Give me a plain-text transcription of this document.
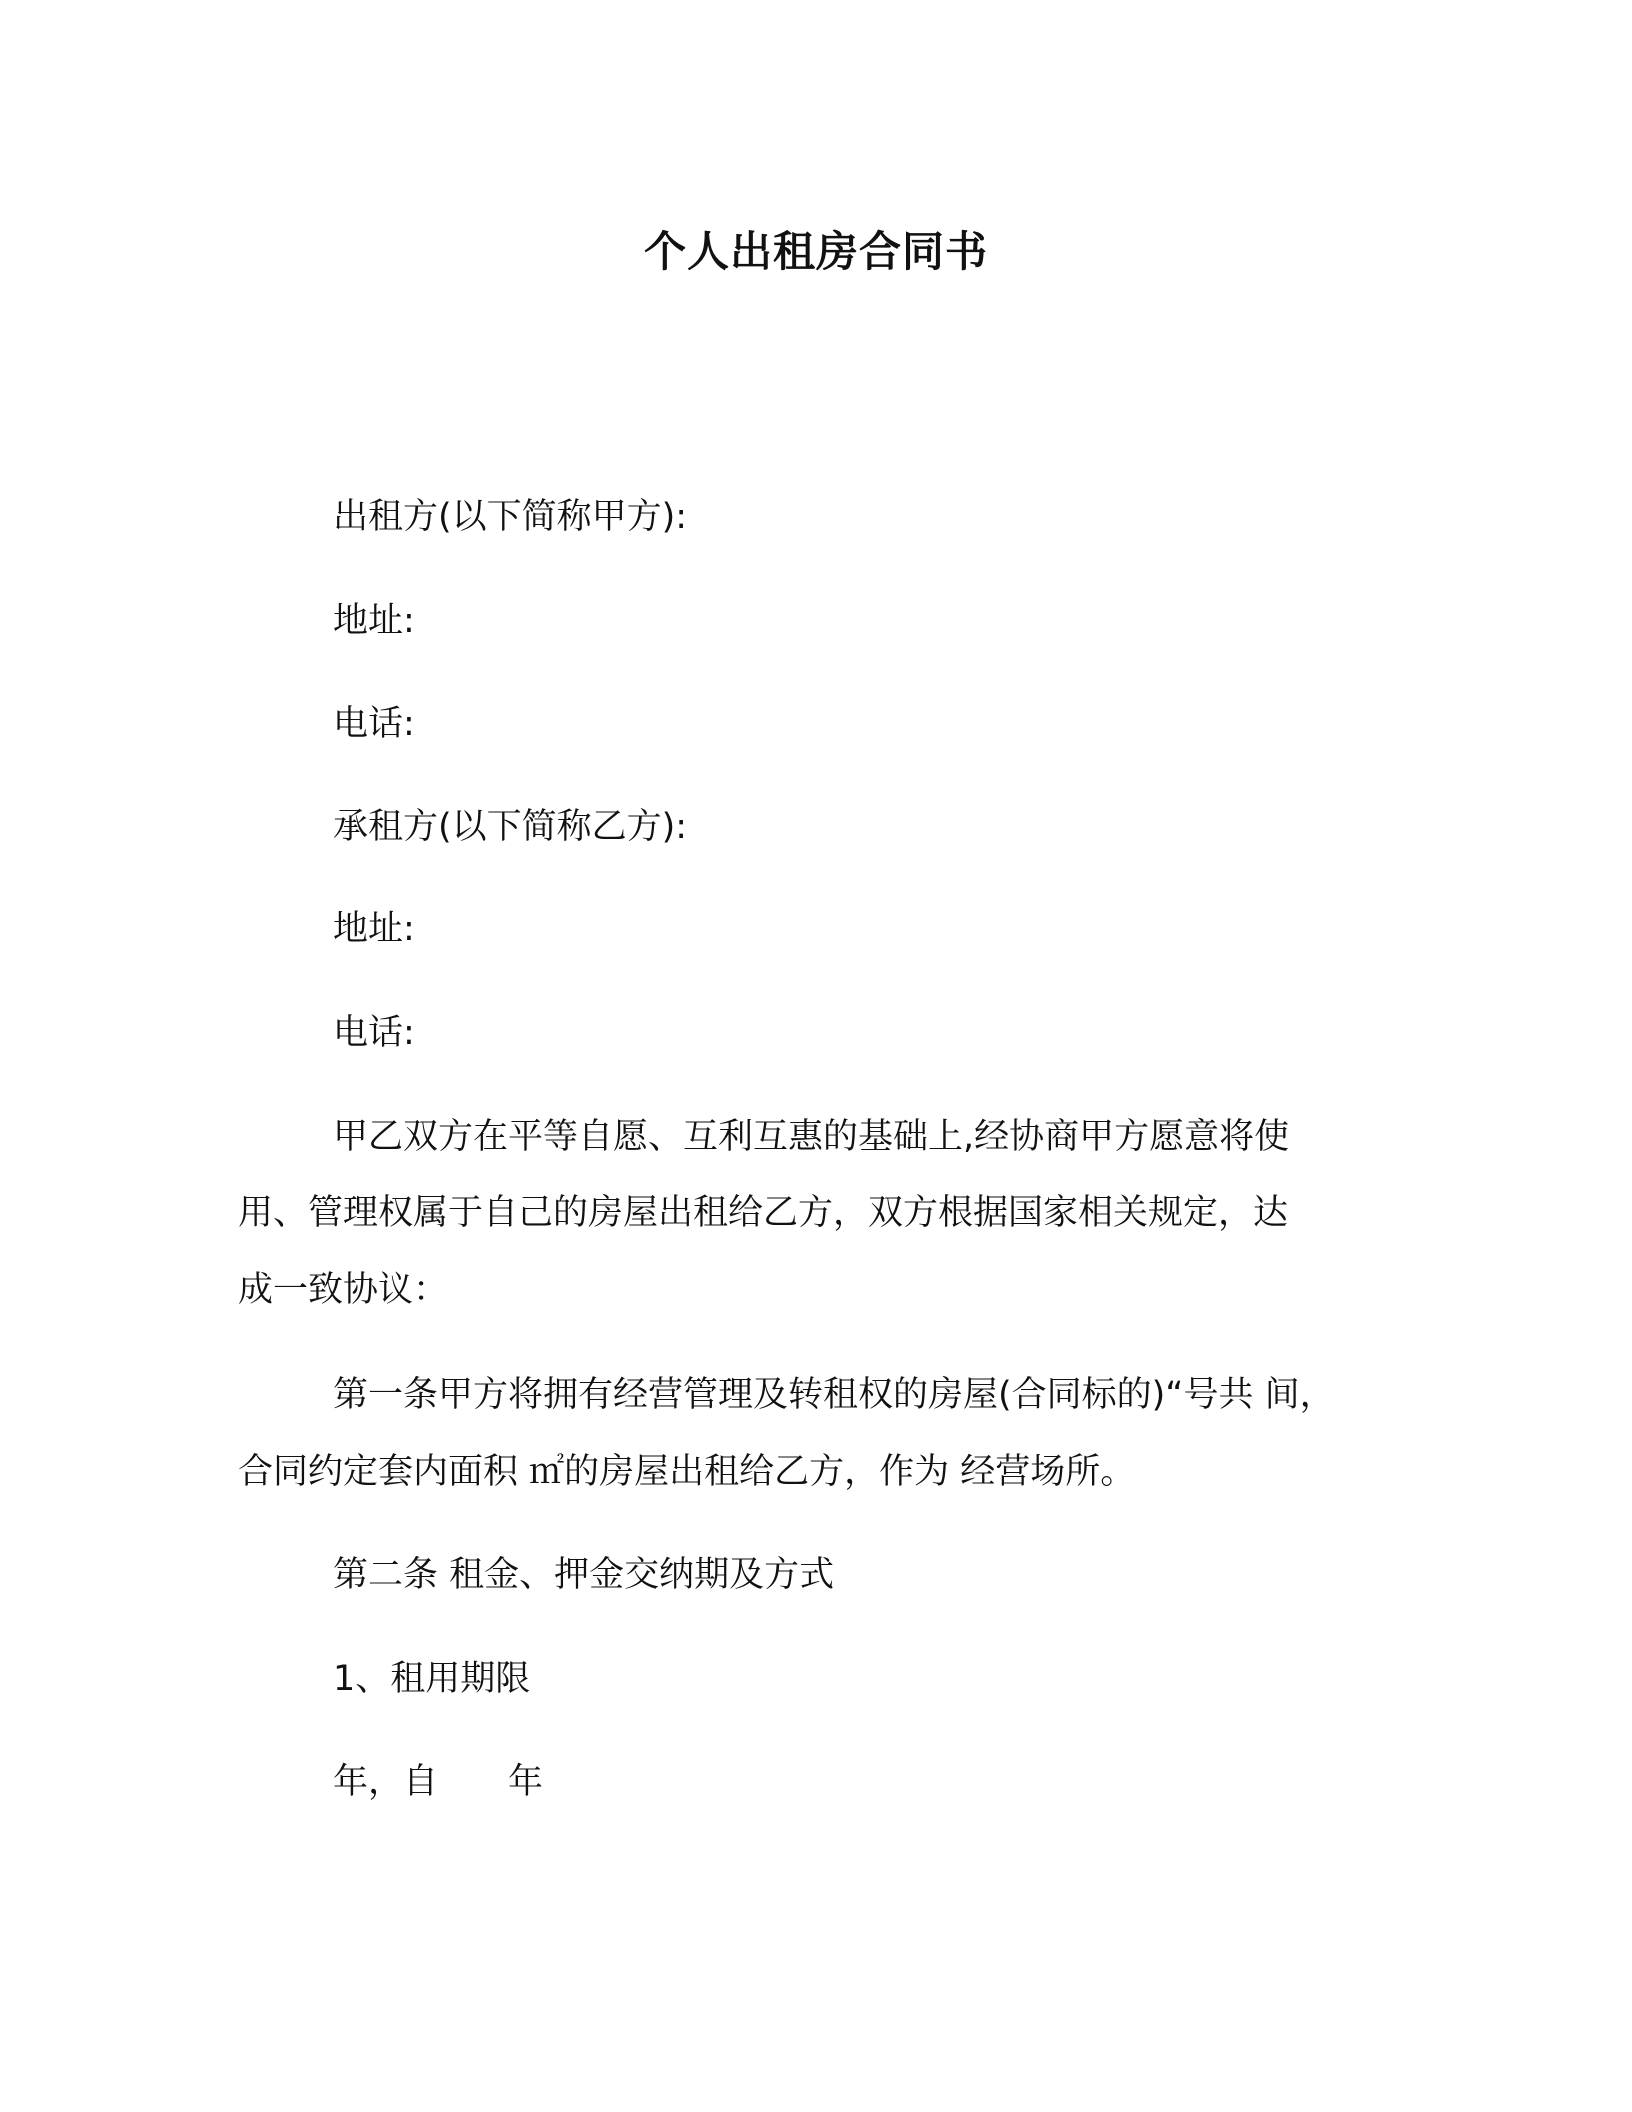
个人出租房合同书
出租方(以下简称甲方):
地址:
电话:
承租方(以下简称乙方):
地址:
电话:
甲乙双方在平等自愿、互利互惠的基础上,经协商甲方愿意将使
用、管理权属于自己的房屋出租给乙方，双方根据国家相关规定，达
成一致协议：
第一条甲方将拥有经营管理及转租权的房屋(合同标的)“号共 间，
合同约定套内面积 ㎡的房屋出租给乙方，作为 经营场所。
第二条 租金、押金交纳期及方式
1、租用期限
年，自　　年
